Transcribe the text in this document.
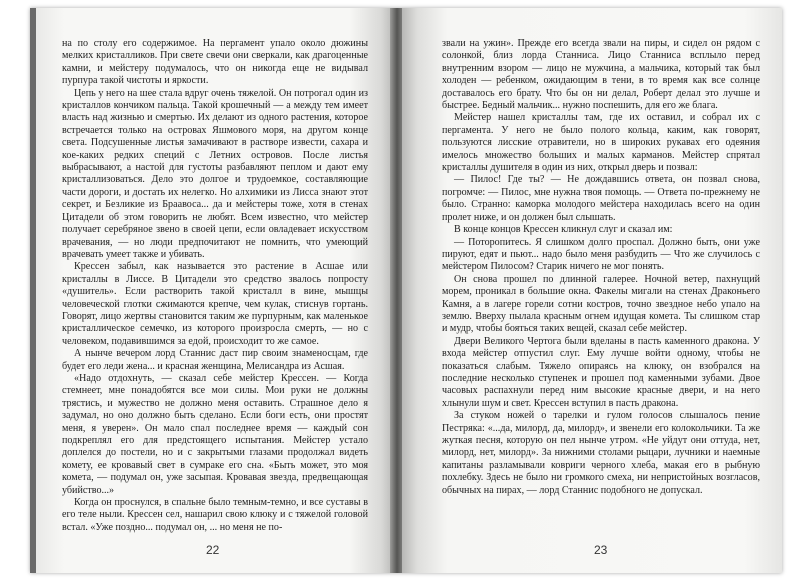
на по столу его содержимое. На пергамент упало около дюжины мелких кристалликов. При свете свечи они сверкали, как драгоценные камни, и мейстеру подумалось, что он никогда еще не видывал пурпура такой чистоты и яркости.

Цепь у него на шее стала вдруг очень тяжелой. Он потрогал один из кристаллов кончиком пальца. Такой крошечный — а между тем имеет власть над жизнью и смертью. Их делают из одного растения, которое встречается только на островах Яшмового моря, на другом конце света. Подсушенные листья замачивают в растворе извести, сахара и кое-каких редких специй с Летних островов. После листья выбрасывают, а настой для густоты разбавляют пеплом и дают ему кристаллизоваться. Дело это долгое и трудоемкое, составляющие части дороги, и достать их нелегко. Но алхимики из Лисса знают этот секрет, и Безликие из Браавоса... да и мейстеры тоже, хотя в стенах Цитадели об этом говорить не любят. Всем известно, что мейстер получает серебряное звено в своей цепи, если овладевает искусством врачевания, — но люди предпочитают не помнить, что умеющий врачевать умеет также и убивать.

Крессен забыл, как называется это растение в Асшае или кристаллы в Лиссе. В Цитадели это средство звалось попросту «душитель». Если растворить такой кристалл в вине, мышцы человеческой глотки сжимаются крепче, чем кулак, стиснув гортань. Говорят, лицо жертвы становится таким же пурпурным, как маленькое кристаллическое семечко, из которого произросла смерть, — но с человеком, подавившимся за едой, происходит то же самое.

А нынче вечером лорд Станнис даст пир своим знаменосцам, где будет его леди жена... и красная женщина, Мелисандра из Асшая.

«Надо отдохнуть, — сказал себе мейстер Крессен. — Когда стемнеет, мне понадобятся все мои силы. Мои руки не должны трястись, и мужество не должно меня оставить. Страшное дело я задумал, но оно должно быть сделано. Если боги есть, они простят меня, я уверен». Он мало спал последнее время — каждый сон подкреплял его для предстоящего испытания. Мейстер устало доплелся до постели, но и с закрытыми глазами продолжал видеть комету, ее кровавый свет в сумраке его сна. «Быть может, это моя комета, — подумал он, уже засыпая. Кровавая звезда, предвещающая убийство...»

Когда он проснулся, в спальне было темным-темно, и все суставы в его теле ныли. Крессен сел, нашарил свою клюку и с тяжелой головой встал. «Уже поздно... подумал он, ... но меня не по-

22

звали на ужин». Прежде его всегда звали на пиры, и сидел он рядом с солонкой, близ лорда Станниса. Лицо Станниса всплыло перед внутренним взором — лицо не мужчина, а мальчика, который так был холоден — ребенком, ожидающим в тени, в то время как все солнце доставалось его брату. Что бы он ни делал, Роберт делал это лучше и быстрее. Бедный мальчик... нужно поспешить, для его же блага.

Мейстер нашел кристаллы там, где их оставил, и собрал их с пергамента. У него не было полого кольца, каким, как говорят, пользуются лисские отравители, но в широких рукавах его одеяния имелось множество больших и малых карманов. Мейстер спрятал кристаллы душителя в один из них, открыл дверь и позвал:

— Пилос! Где ты? — Не дождавшись ответа, он позвал снова, погромче: — Пилос, мне нужна твоя помощь. — Ответа по-прежнему не было. Странно: каморка молодого мейстера находилась всего на один пролет ниже, и он должен был слышать.

В конце концов Крессен кликнул слуг и сказал им:

— Поторопитесь. Я слишком долго проспал. Должно быть, они уже пируют, едят и пьют... надо было меня разбудить — Что же случилось с мейстером Пилосом? Старик ничего не мог понять.

Он снова прошел по длинной галерее. Ночной ветер, пахнущий морем, проникал в большие окна. Факелы мигали на стенах Драконьего Камня, а в лагере горели сотни костров, точно звездное небо упало на землю. Вверху пылала красным огнем идущая комета. Ты слишком стар и мудр, чтобы бояться таких вещей, сказал себе мейстер.

Двери Великого Чертога были вделаны в пасть каменного дракона. У входа мейстер отпустил слуг. Ему лучше войти одному, чтобы не показаться слабым. Тяжело опираясь на клюку, он взобрался на последние несколько ступенек и прошел под каменными зубами. Двое часовых распахнули перед ним высокие красные двери, и на него хлынули шум и свет. Крессен вступил в пасть дракона.

За стуком ножей о тарелки и гулом голосов слышалось пение Пестряка: «...да, милорд, да, милорд», и звенели его колокольчики. Та же жуткая песня, которую он пел нынче утром. «Не уйдут они оттуда, нет, милорд, нет, милорд». За нижними столами рыцари, лучники и наемные капитаны разламывали ковриги черного хлеба, макая его в рыбную похлебку. Здесь не было ни громкого смеха, ни непристойных возгласов, обычных на пирах, — лорд Станнис подобного не допускал.

23
